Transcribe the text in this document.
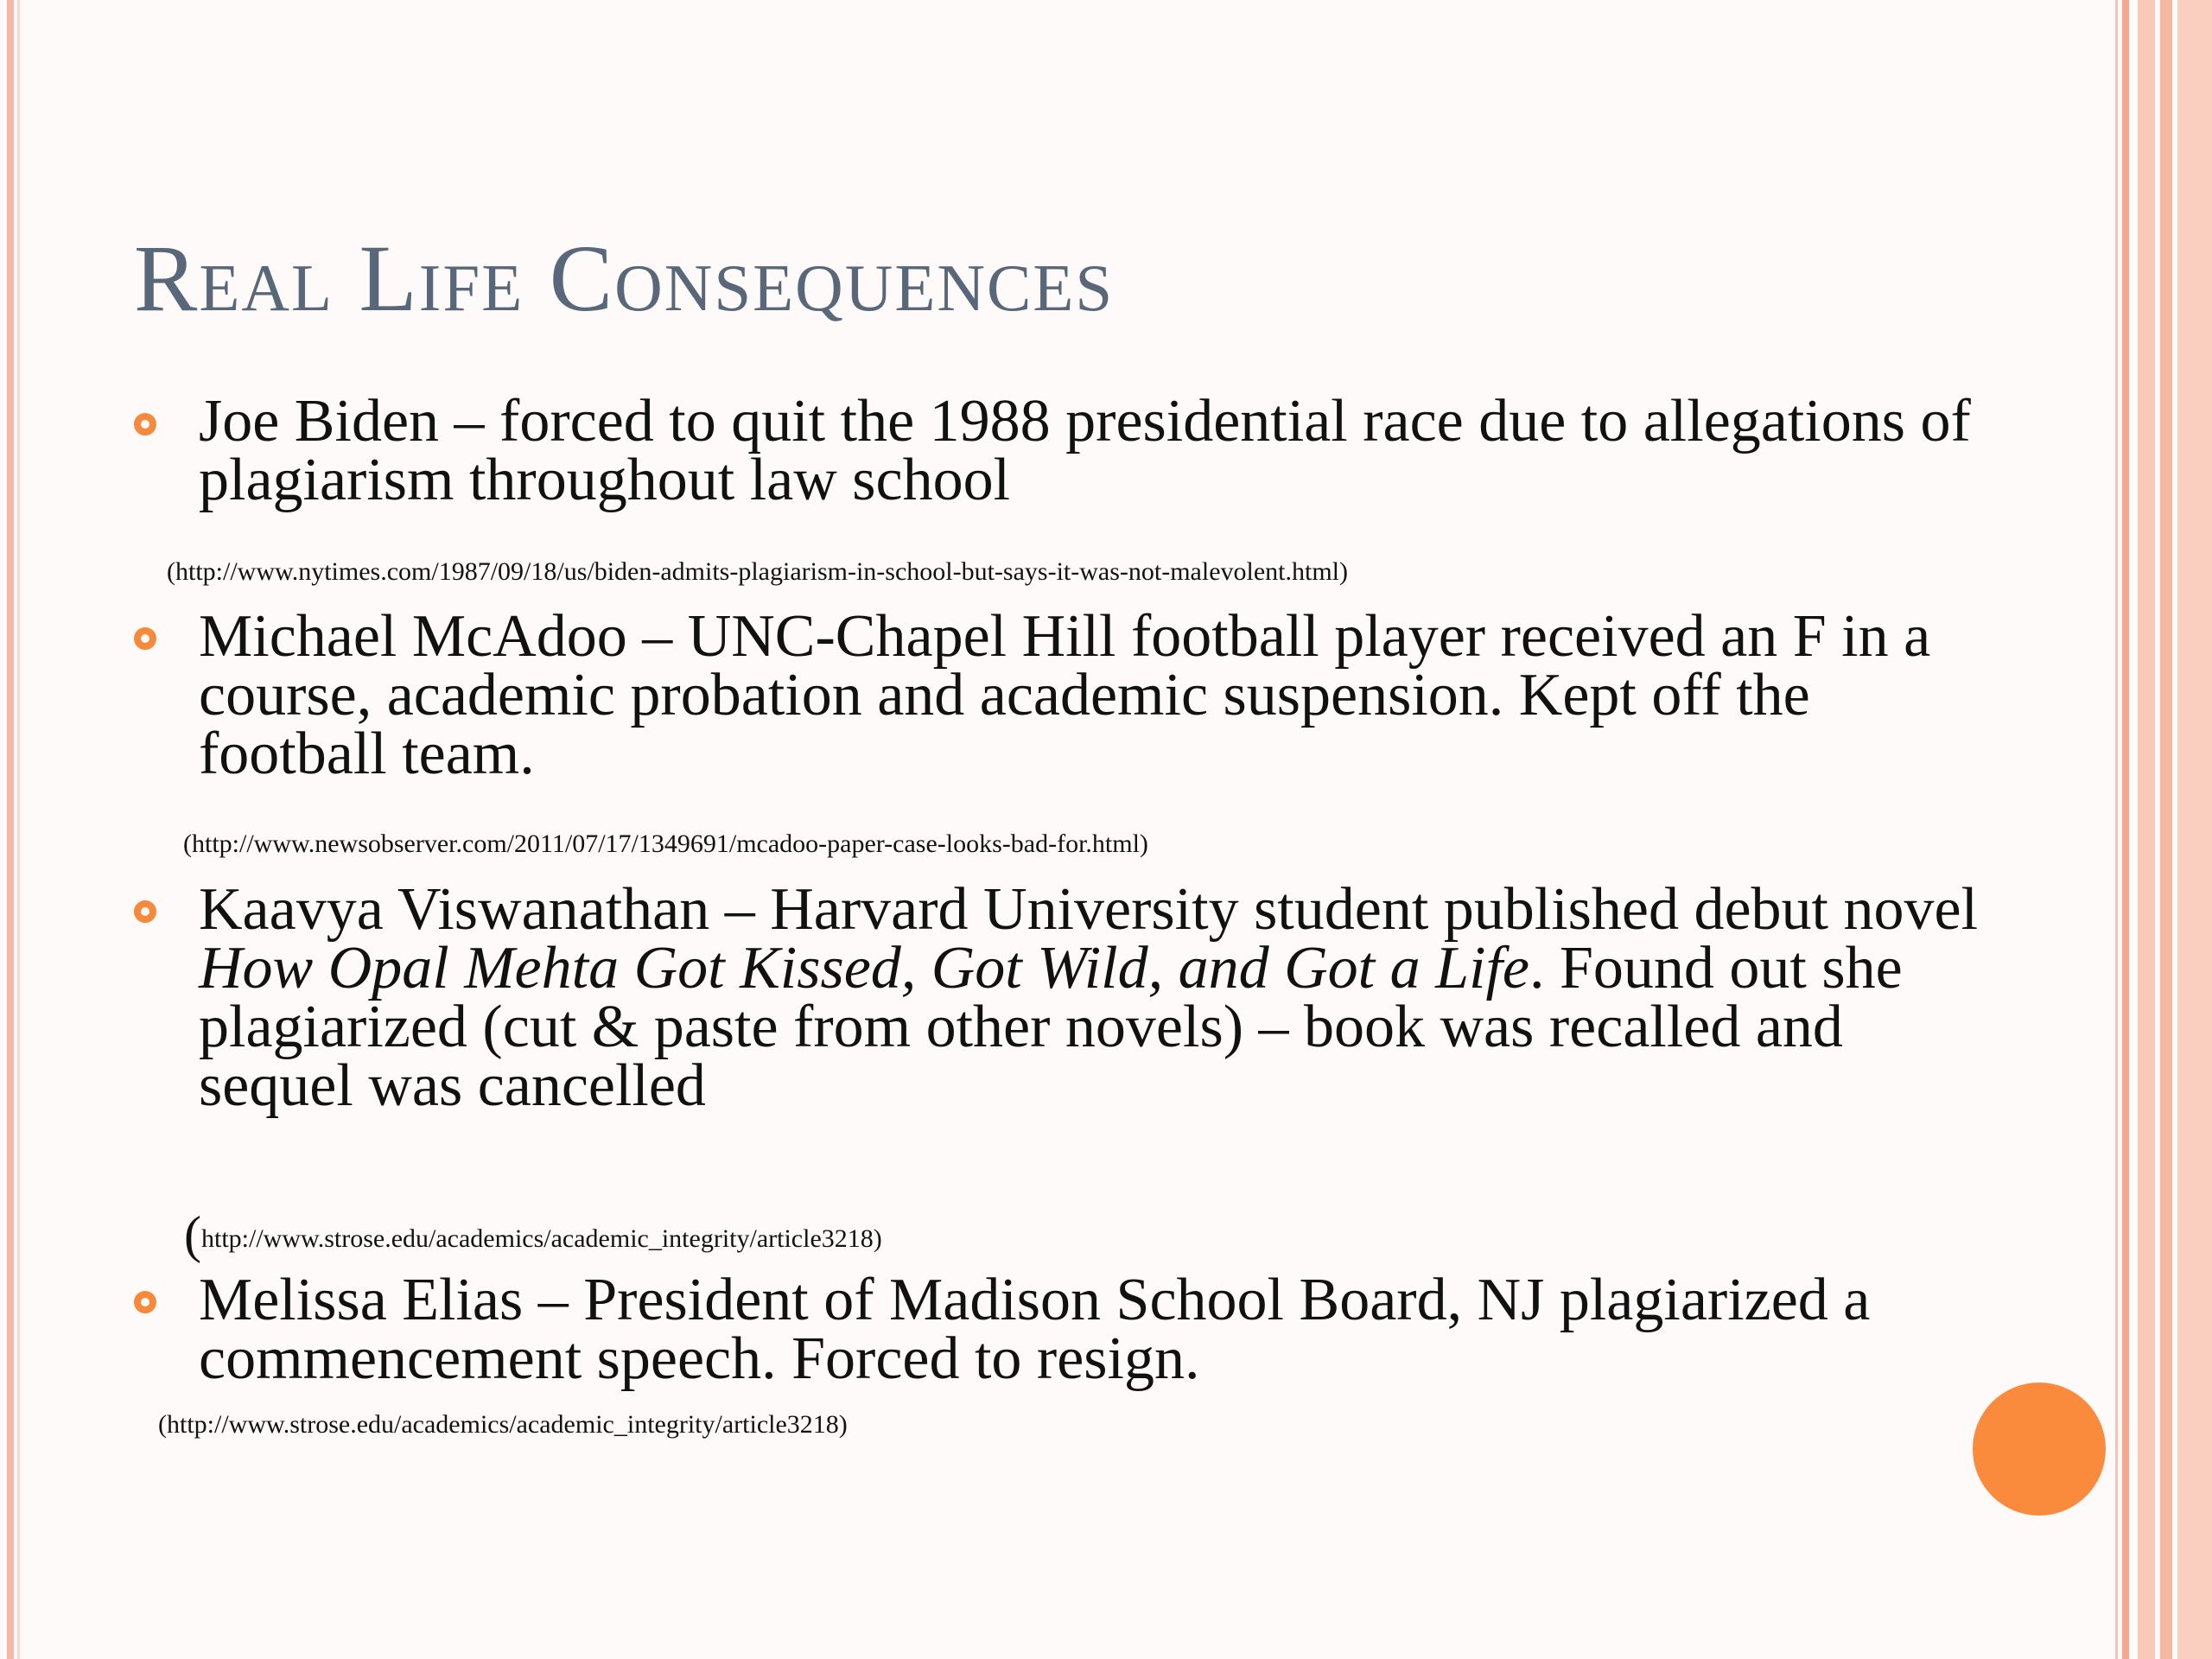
Real Life Consequences
Joe Biden – forced to quit the 1988 presidential race due to allegations of plagiarism throughout law school
(http://www.nytimes.com/1987/09/18/us/biden-admits-plagiarism-in-school-but-says-it-was-not-malevolent.html)
Michael McAdoo – UNC-Chapel Hill football player received an F in a course, academic probation and academic suspension. Kept off the football team.
(http://www.newsobserver.com/2011/07/17/1349691/mcadoo-paper-case-looks-bad-for.html)
Kaavya Viswanathan – Harvard University student published debut novel How Opal Mehta Got Kissed, Got Wild, and Got a Life. Found out she plagiarized (cut & paste from other novels) – book was recalled and sequel was cancelled
(http://www.strose.edu/academics/academic_integrity/article3218)
Melissa Elias – President of Madison School Board, NJ plagiarized a commencement speech. Forced to resign.
(http://www.strose.edu/academics/academic_integrity/article3218)
